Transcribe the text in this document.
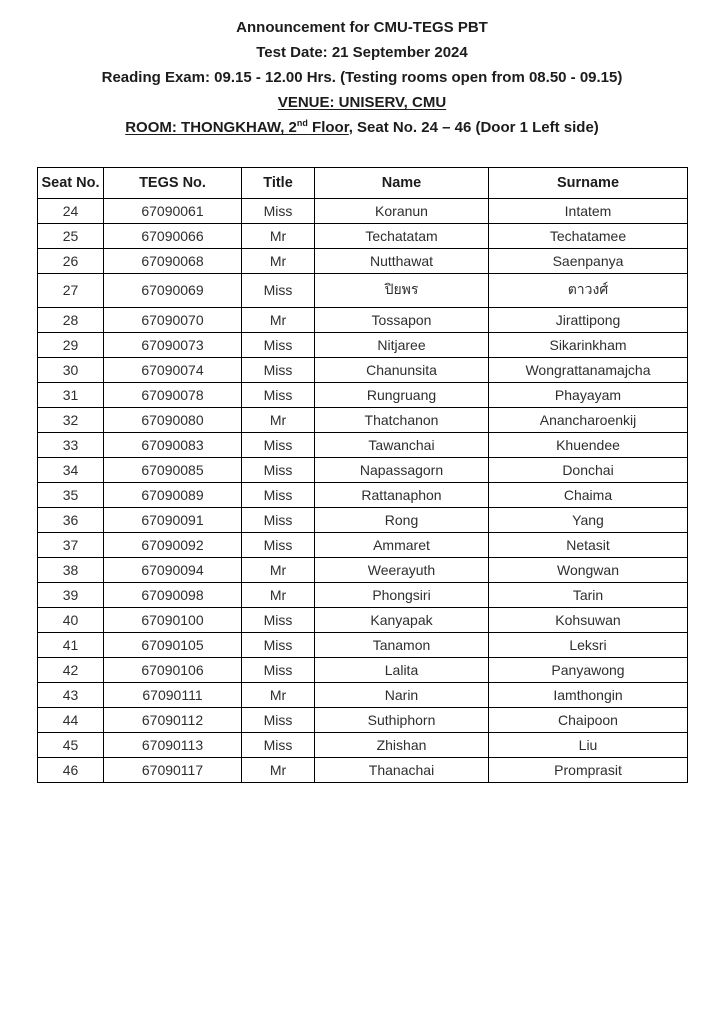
Announcement for CMU-TEGS PBT
Test Date: 21 September 2024
Reading Exam: 09.15 - 12.00 Hrs. (Testing rooms open from 08.50 - 09.15)
VENUE: UNISERV, CMU
ROOM: THONGKHAW, 2nd Floor, Seat No. 24 – 46 (Door 1 Left side)
Seat No.	TEGS No.	Title	Name	Surname
24	67090061	Miss	Koranun	Intatem
25	67090066	Mr	Techatatam	Techatamee
26	67090068	Mr	Nutthawat	Saenpanya
27	67090069	Miss	ปิยพร	ตาวงศ์
28	67090070	Mr	Tossapon	Jirattipong
29	67090073	Miss	Nitjaree	Sikarinkham
30	67090074	Miss	Chanunsita	Wongrattanamajcha
31	67090078	Miss	Rungruang	Phayayam
32	67090080	Mr	Thatchanon	Anancharoenkij
33	67090083	Miss	Tawanchai	Khuendee
34	67090085	Miss	Napassagorn	Donchai
35	67090089	Miss	Rattanaphon	Chaima
36	67090091	Miss	Rong	Yang
37	67090092	Miss	Ammaret	Netasit
38	67090094	Mr	Weerayuth	Wongwan
39	67090098	Mr	Phongsiri	Tarin
40	67090100	Miss	Kanyapak	Kohsuwan
41	67090105	Miss	Tanamon	Leksri
42	67090106	Miss	Lalita	Panyawong
43	67090111	Mr	Narin	Iamthongin
44	67090112	Miss	Suthiphorn	Chaipoon
45	67090113	Miss	Zhishan	Liu
46	67090117	Mr	Thanachai	Promprasit
